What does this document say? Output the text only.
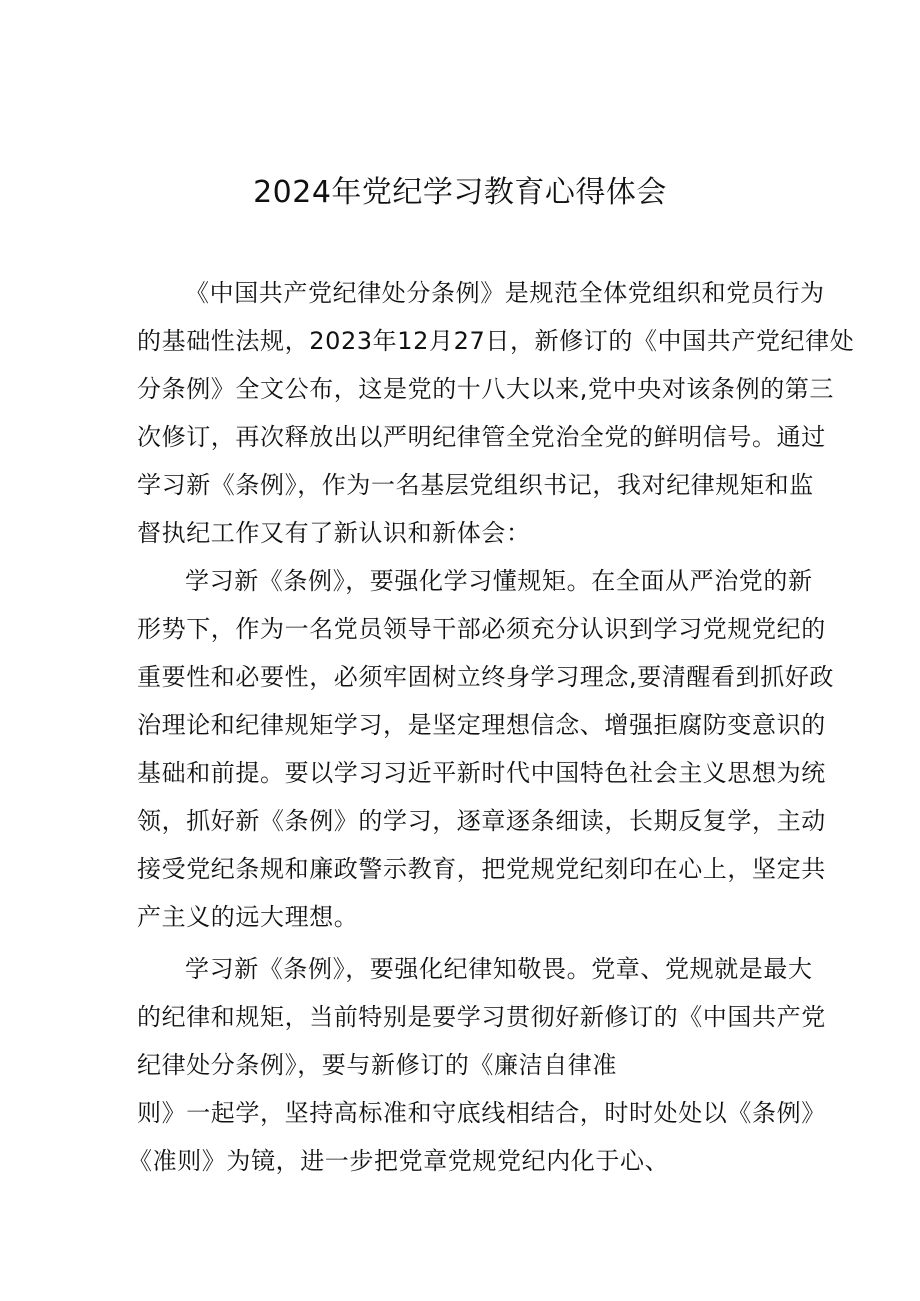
2024年党纪学习教育心得体会
《中国共产党纪律处分条例》是规范全体党组织和党员行为
的基础性法规，2023年12月27日，新修订的《中国共产党纪律处
分条例》全文公布，这是党的十八大以来,党中央对该条例的第三
次修订，再次释放出以严明纪律管全党治全党的鲜明信号。通过
学习新《条例》，作为一名基层党组织书记，我对纪律规矩和监
督执纪工作又有了新认识和新体会：
学习新《条例》，要强化学习懂规矩。在全面从严治党的新
形势下，作为一名党员领导干部必须充分认识到学习党规党纪的
重要性和必要性，必须牢固树立终身学习理念,要清醒看到抓好政
治理论和纪律规矩学习，是坚定理想信念、增强拒腐防变意识的
基础和前提。要以学习习近平新时代中国特色社会主义思想为统
领，抓好新《条例》的学习，逐章逐条细读，长期反复学，主动
接受党纪条规和廉政警示教育，把党规党纪刻印在心上，坚定共
产主义的远大理想。
学习新《条例》，要强化纪律知敬畏。党章、党规就是最大
的纪律和规矩，当前特别是要学习贯彻好新修订的《中国共产党
纪律处分条例》，要与新修订的《廉洁自律准
则》一起学，坚持高标准和守底线相结合，时时处处以《条例》
《准则》为镜，进一步把党章党规党纪内化于心、
